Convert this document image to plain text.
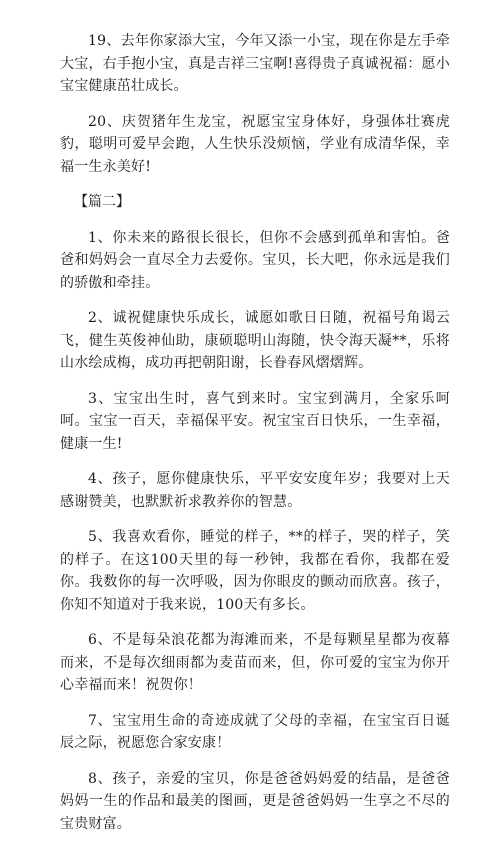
19、去年你家添大宝，今年又添一小宝，现在你是左手牵大宝，右手抱小宝，真是吉祥三宝啊!喜得贵子真诚祝福：愿小宝宝健康茁壮成长。

20、庆贺猪年生龙宝，祝愿宝宝身体好，身强体壮赛虎豹，聪明可爱早会跑，人生快乐没烦恼，学业有成清华保，幸福一生永美好!

【篇二】

1、你未来的路很长很长，但你不会感到孤单和害怕。爸爸和妈妈会一直尽全力去爱你。宝贝，长大吧，你永远是我们的骄傲和牵挂。

2、诚祝健康快乐成长，诚愿如歌日日随，祝福号角谒云飞，健生英俊神仙助，康硕聪明山海随，快令海天凝**，乐将山水绘成梅，成功再把朝阳谢，长眷春风熠熠辉。

3、宝宝出生时，喜气到来时。宝宝到满月，全家乐呵呵。宝宝一百天，幸福保平安。祝宝宝百日快乐，一生幸福，健康一生!

4、孩子，愿你健康快乐，平平安安度年岁；我要对上天感谢赞美，也默默祈求教养你的智慧。

5、我喜欢看你，睡觉的样子，**的样子，哭的样子，笑的样子。在这100天里的每一秒钟，我都在看你，我都在爱你。我数你的每一次呼吸，因为你眼皮的颤动而欣喜。孩子，你知不知道对于我来说，100天有多长。

6、不是每朵浪花都为海滩而来，不是每颗星星都为夜幕而来，不是每次细雨都为麦苗而来，但，你可爱的宝宝为你开心幸福而来！祝贺你！

7、宝宝用生命的奇迹成就了父母的幸福，在宝宝百日诞辰之际，祝愿您合家安康！

8、孩子，亲爱的宝贝，你是爸爸妈妈爱的结晶，是爸爸妈妈一生的作品和最美的图画，更是爸爸妈妈一生享之不尽的宝贵财富。
